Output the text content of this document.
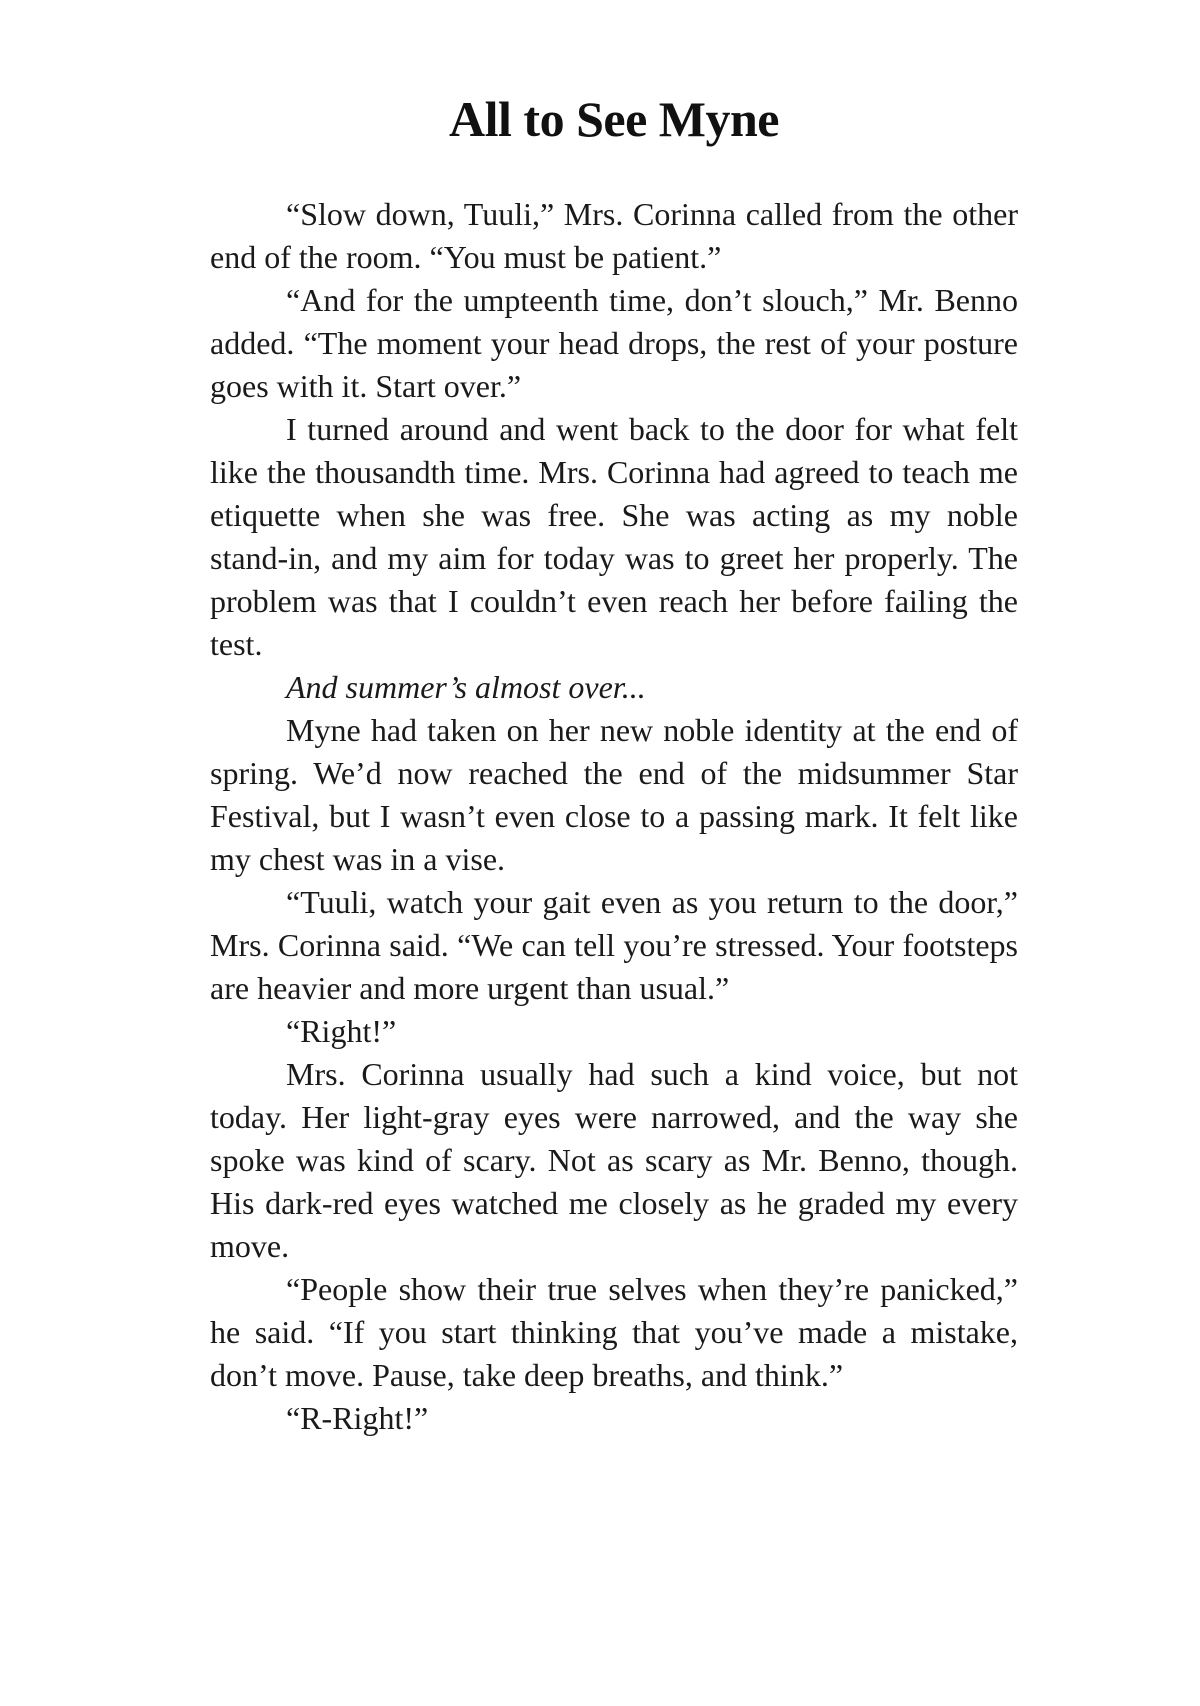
All to See Myne

“Slow down, Tuuli,” Mrs. Corinna called from the other end of the room. “You must be patient.”

“And for the umpteenth time, don’t slouch,” Mr. Benno added. “The moment your head drops, the rest of your posture goes with it. Start over.”

I turned around and went back to the door for what felt like the thousandth time. Mrs. Corinna had agreed to teach me etiquette when she was free. She was acting as my noble stand-in, and my aim for today was to greet her properly. The problem was that I couldn’t even reach her before failing the test.

And summer’s almost over...

Myne had taken on her new noble identity at the end of spring. We’d now reached the end of the midsummer Star Festival, but I wasn’t even close to a passing mark. It felt like my chest was in a vise.

“Tuuli, watch your gait even as you return to the door,” Mrs. Corinna said. “We can tell you’re stressed. Your footsteps are heavier and more urgent than usual.”

“Right!”

Mrs. Corinna usually had such a kind voice, but not today. Her light-gray eyes were narrowed, and the way she spoke was kind of scary. Not as scary as Mr. Benno, though. His dark-red eyes watched me closely as he graded my every move.

“People show their true selves when they’re panicked,” he said. “If you start thinking that you’ve made a mistake, don’t move. Pause, take deep breaths, and think.”

“R-Right!”
